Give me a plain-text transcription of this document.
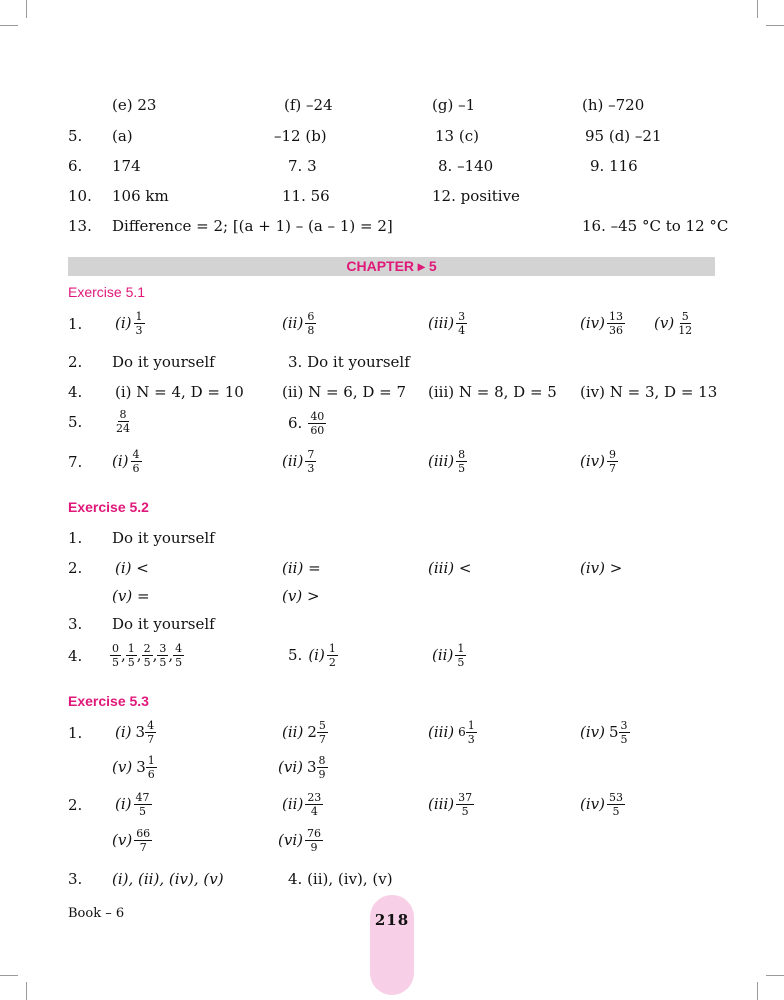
(e) 23	(f) –24	(g) –1	(h) –720
5. (a)	–12 (b)	13 (c)	95 (d) –21
6. 174	7. 3	8. –140	9. 116
10. 106 km	11. 56	12. positive
13. Difference = 2; [(a + 1) – (a – 1) = 2]	16. –45 °C to 12 °C
CHAPTER ▸ 5
Exercise 5.1
1. $(i) \frac{1}{3}$	$(ii) \frac{6}{8}$	$(iii) \frac{3}{4}$	$(iv) \frac{13}{36} (v) \frac{5}{12}$
2. Do it yourself	3. Do it yourself
4. (i) N = 4, D = 10	(ii) N = 6, D = 7 (iii) N = 8, D = 5 (iv) N = 3, D = 13
5.	$\frac{8}{24}$	6. $\frac{40}{60}$
7. $(i) \frac{4}{6}$	$(ii) \frac{7}{3}$	$(iii) \frac{8}{5}$	$(iv) \frac{9}{7}$
Exercise 5.2
1. Do it yourself
2. (i) <	(ii) =	(iii) <	(iv) >
(v) =	(v) >
3. Do it yourself
4.	$\frac{0}{5}$ , $\frac{1}{5}$ , $\frac{2}{5}$ , $\frac{3}{5}$ , $\frac{4}{5}$	5. $(i) \frac{1}{2}$	$(ii) \frac{1}{5}$
Exercise 5.3
1. (i) $3 \frac{4}{7}$	(ii) $2 \frac{5}{7}$	(iii) $6 \frac{1}{3}$	(iv) $5 \frac{3}{5}$
(v) $3 \frac{1}{6}$	(vi) $3 \frac{8}{9}$
2. $(i) \frac{47}{5}$	$(ii) \frac{23}{4}$	$(iii) \frac{37}{5}$	$(iv) \frac{53}{5}$
$(v) \frac{66}{7}$	$(vi) \frac{76}{9}$
3. (i), (ii), (iv), (v)	4. (ii), (iv), (v)
Book – 6	218
